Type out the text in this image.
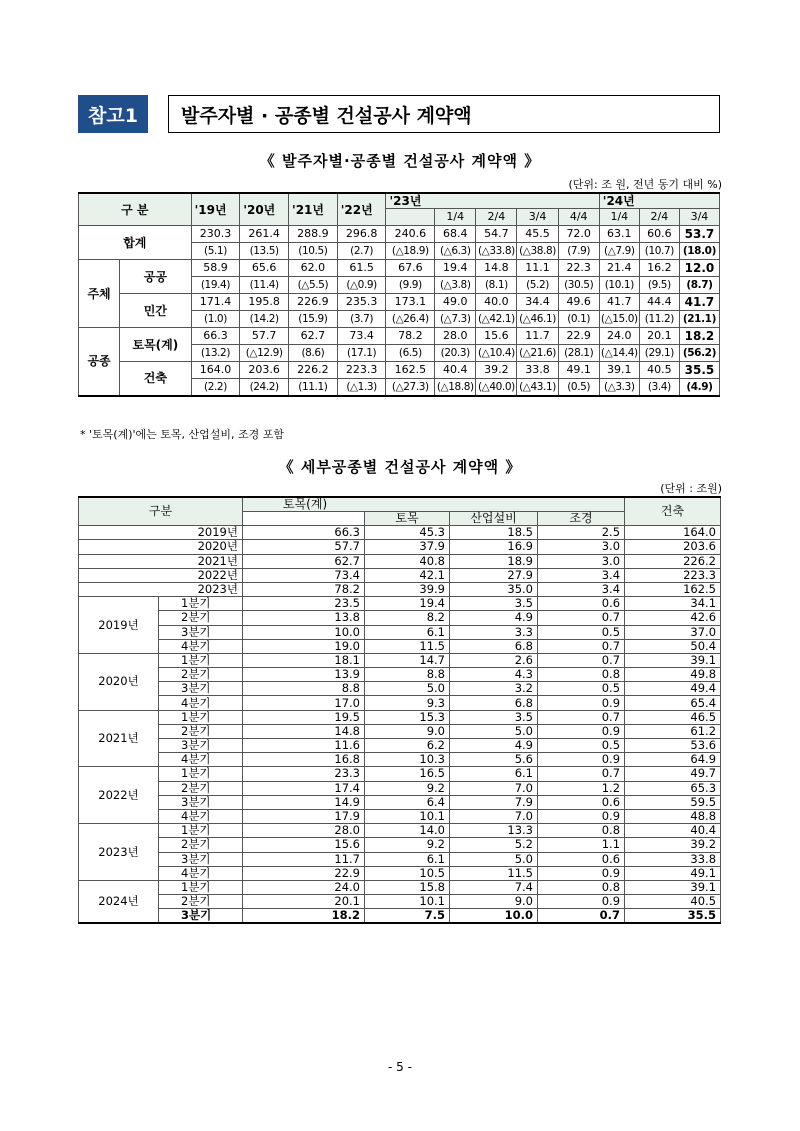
참고1	발주자별 · 공종별 건설공사 계약액
《 발주자별·공종별 건설공사 계약액 》
(단위: 조 원, 전년 동기 대비 %)
구 분		'19년	'20년	'21년	'22년	'23년					'24년		
							1/4	2/4	3/4	4/4	1/4	2/4	3/4
합계		230.3	261.4	288.9	296.8	240.6	68.4	54.7	45.5	72.0	63.1	60.6	53.7
		(5.1)	(13.5)	(10.5)	(2.7)	(△18.9)	(△6.3)	(△33.8)	(△38.8)	(7.9)	(△7.9)	(10.7)	(18.0)
주체	공공	58.9	65.6	62.0	61.5	67.6	19.4	14.8	11.1	22.3	21.4	16.2	12.0
		(19.4)	(11.4)	(△5.5)	(△0.9)	(9.9)	(△3.8)	(8.1)	(5.2)	(30.5)	(10.1)	(9.5)	(8.7)
	민간	171.4	195.8	226.9	235.3	173.1	49.0	40.0	34.4	49.6	41.7	44.4	41.7
		(1.0)	(14.2)	(15.9)	(3.7)	(△26.4)	(△7.3)	(△42.1)	(△46.1)	(0.1)	(△15.0)	(11.2)	(21.1)
공종	토목(계)	66.3	57.7	62.7	73.4	78.2	28.0	15.6	11.7	22.9	24.0	20.1	18.2
		(13.2)	(△12.9)	(8.6)	(17.1)	(6.5)	(20.3)	(△10.4)	(△21.6)	(28.1)	(△14.4)	(29.1)	(56.2)
	건축	164.0	203.6	226.2	223.3	162.5	40.4	39.2	33.8	49.1	39.1	40.5	35.5
		(2.2)	(24.2)	(11.1)	(△1.3)	(△27.3)	(△18.8)	(△40.0)	(△43.1)	(0.5)	(△3.3)	(3.4)	(4.9)
* '토목(계)'에는 토목, 산업설비, 조경 포함
《 세부공종별 건설공사 계약액 》
(단위 : 조원)
구분		토목(계)				건축
			토목	산업설비	조경	
2019년		66.3	45.3	18.5	2.5	164.0
2020년		57.7	37.9	16.9	3.0	203.6
2021년		62.7	40.8	18.9	3.0	226.2
2022년		73.4	42.1	27.9	3.4	223.3
2023년		78.2	39.9	35.0	3.4	162.5
2019년	1분기	23.5	19.4	3.5	0.6	34.1
	2분기	13.8	8.2	4.9	0.7	42.6
	3분기	10.0	6.1	3.3	0.5	37.0
	4분기	19.0	11.5	6.8	0.7	50.4
2020년	1분기	18.1	14.7	2.6	0.7	39.1
	2분기	13.9	8.8	4.3	0.8	49.8
	3분기	8.8	5.0	3.2	0.5	49.4
	4분기	17.0	9.3	6.8	0.9	65.4
2021년	1분기	19.5	15.3	3.5	0.7	46.5
	2분기	14.8	9.0	5.0	0.9	61.2
	3분기	11.6	6.2	4.9	0.5	53.6
	4분기	16.8	10.3	5.6	0.9	64.9
2022년	1분기	23.3	16.5	6.1	0.7	49.7
	2분기	17.4	9.2	7.0	1.2	65.3
	3분기	14.9	6.4	7.9	0.6	59.5
	4분기	17.9	10.1	7.0	0.9	48.8
2023년	1분기	28.0	14.0	13.3	0.8	40.4
	2분기	15.6	9.2	5.2	1.1	39.2
	3분기	11.7	6.1	5.0	0.6	33.8
	4분기	22.9	10.5	11.5	0.9	49.1
2024년	1분기	24.0	15.8	7.4	0.8	39.1
	2분기	20.1	10.1	9.0	0.9	40.5
	3분기	18.2	7.5	10.0	0.7	35.5
- 5 -
